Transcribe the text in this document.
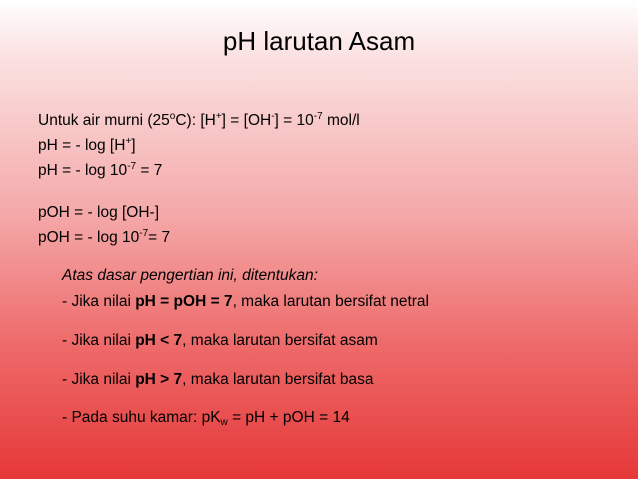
pH larutan Asam
Untuk air murni (25$^o$C): $[H^+] = [OH^-] = 10^{-7}$ mol/l
pH = - log [H+]
pH = - $\log 10^{-7} = 7$
pOH = - log [OH-]
pOH = - $\log 10^{-7}= 7$
Atas dasar pengertian ini, ditentukan:
- Jika nilai pH = pOH = 7, maka larutan bersifat netral
- Jika nilai pH < 7, maka larutan bersifat asam
- Jika nilai pH > 7, maka larutan bersifat basa
- Pada suhu kamar: $pK_w$ = pH + pOH = 14
